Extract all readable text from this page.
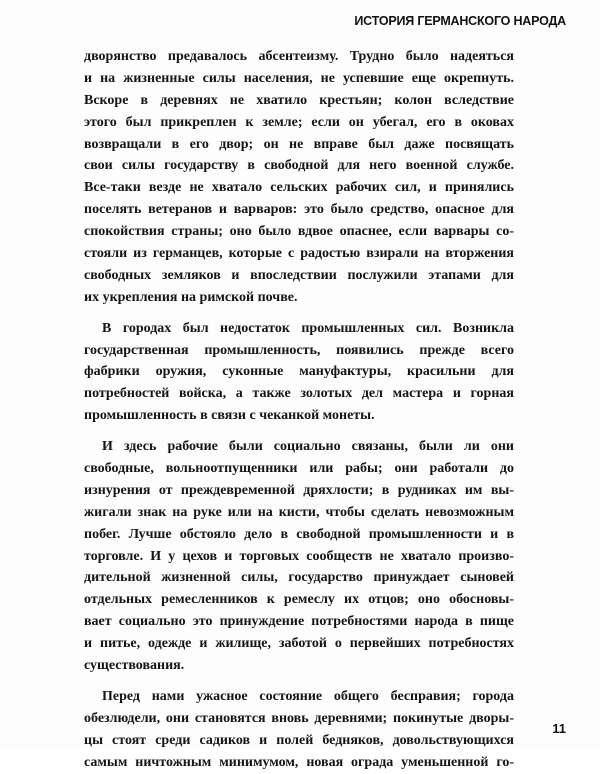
ИСТОРИЯ ГЕРМАНСКОГО НАРОДА
дворянство предавалось абсентеизму. Трудно было надеяться
и на жизненные силы населения, не успевшие еще окрепнуть.
Вскоре в деревнях не хватило крестьян; колон вследствие
этого был прикреплен к земле; если он убегал, его в оковах
возвращали в его двор; он не вправе был даже посвящать
свои силы государству в свободной для него военной службе.
Все-таки везде не хватало сельских рабочих сил, и принялись
поселять ветеранов и варваров: это было средство, опасное для
спокойствия страны; оно было вдвое опаснее, если варвары со-
стояли из германцев, которые с радостью взирали на вторжения
свободных земляков и впоследствии послужили этапами для
их укрепления на римской почве.
В городах был недостаток промышленных сил. Возникла
государственная промышленность, появились прежде всего
фабрики оружия, суконные мануфактуры, красильни для
потребностей войска, а также золотых дел мастера и горная
промышленность в связи с чеканкой монеты.
И здесь рабочие были социально связаны, были ли они
свободные, вольноотпущенники или рабы; они работали до
изнурения от преждевременной дряхлости; в рудниках им вы-
жигали знак на руке или на кисти, чтобы сделать невозможным
побег. Лучше обстояло дело в свободной промышленности и в
торговле. И у цехов и торговых сообществ не хватало произво-
дительной жизненной силы, государство принуждает сыновей
отдельных ремесленников к ремеслу их отцов; оно обосновы-
вает социально это принуждение потребностями народа в пище
и питье, одежде и жилище, заботой о первейших потребностях
существования.
Перед нами ужасное состояние общего бесправия; города
обезлюдели, они становятся вновь деревнями; покинутые дворы-
цы стоят среди садиков и полей бедняков, довольствующихся
самым ничтожным минимумом, новая ограда уменьшенной го-
11
